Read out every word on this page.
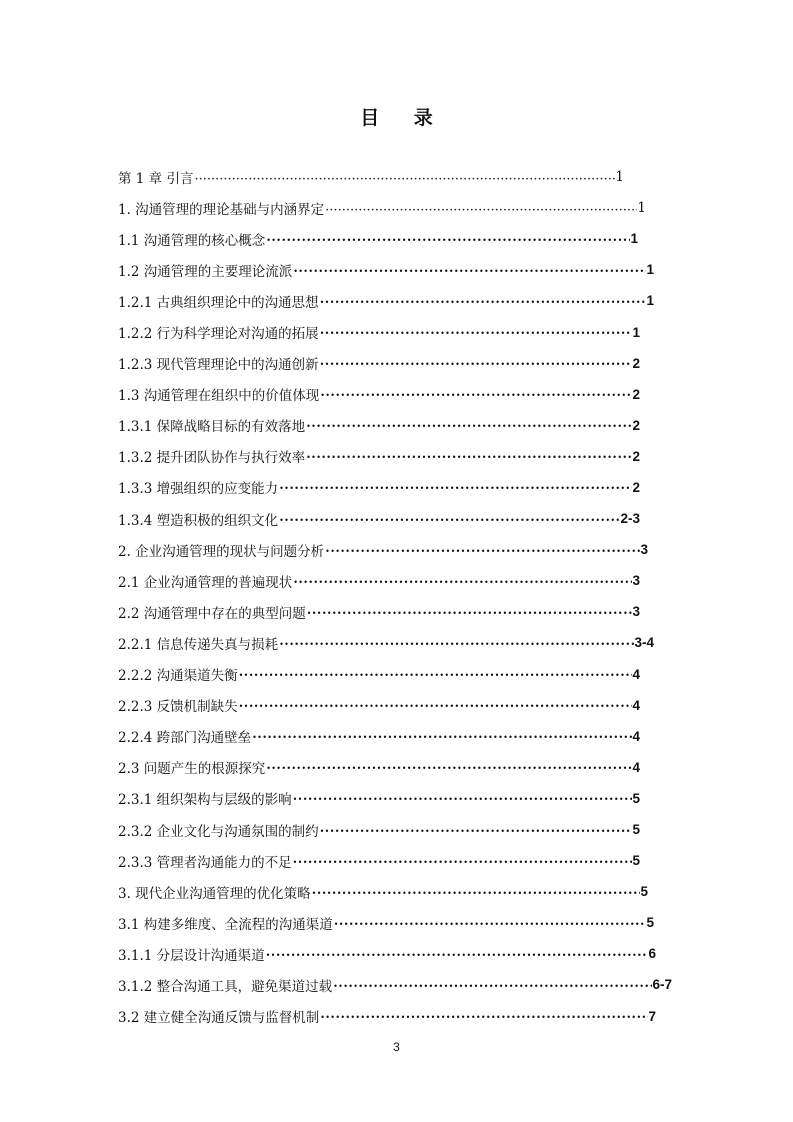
目 录
第 1 章 引言 ·····	1
1. 沟通管理的理论基础与内涵界定 ·····	1
1.1 沟通管理的核心概念 •••••	1
1.2 沟通管理的主要理论流派 •••••	1
1.2.1 古典组织理论中的沟通思想 •••••	1
1.2.2 行为科学理论对沟通的拓展 •••••	1
1.2.3 现代管理理论中的沟通创新 •••••	2
1.3 沟通管理在组织中的价值体现 •••••	2
1.3.1 保障战略目标的有效落地 •••••	2
1.3.2 提升团队协作与执行效率 •••••	2
1.3.3 增强组织的应变能力 •••••	2
1.3.4 塑造积极的组织文化 •••••	2-3
2. 企业沟通管理的现状与问题分析 •••••	3
2.1 企业沟通管理的普遍现状 •••••	3
2.2 沟通管理中存在的典型问题 •••••	3
2.2.1 信息传递失真与损耗 •••••	3-4
2.2.2 沟通渠道失衡 •••••	4
2.2.3 反馈机制缺失 •••••	4
2.2.4 跨部门沟通壁垒 •••••	4
2.3 问题产生的根源探究 •••••	4
2.3.1 组织架构与层级的影响 •••••	5
2.3.2 企业文化与沟通氛围的制约 •••••	5
2.3.3 管理者沟通能力的不足 •••••	5
3. 现代企业沟通管理的优化策略 •••••	5
3.1 构建多维度、全流程的沟通渠道 •••••	5
3.1.1 分层设计沟通渠道 •••••	6
3.1.2 整合沟通工具，避免渠道过载 •••••	6-7
3.2 建立健全沟通反馈与监督机制 •••••	7
3
